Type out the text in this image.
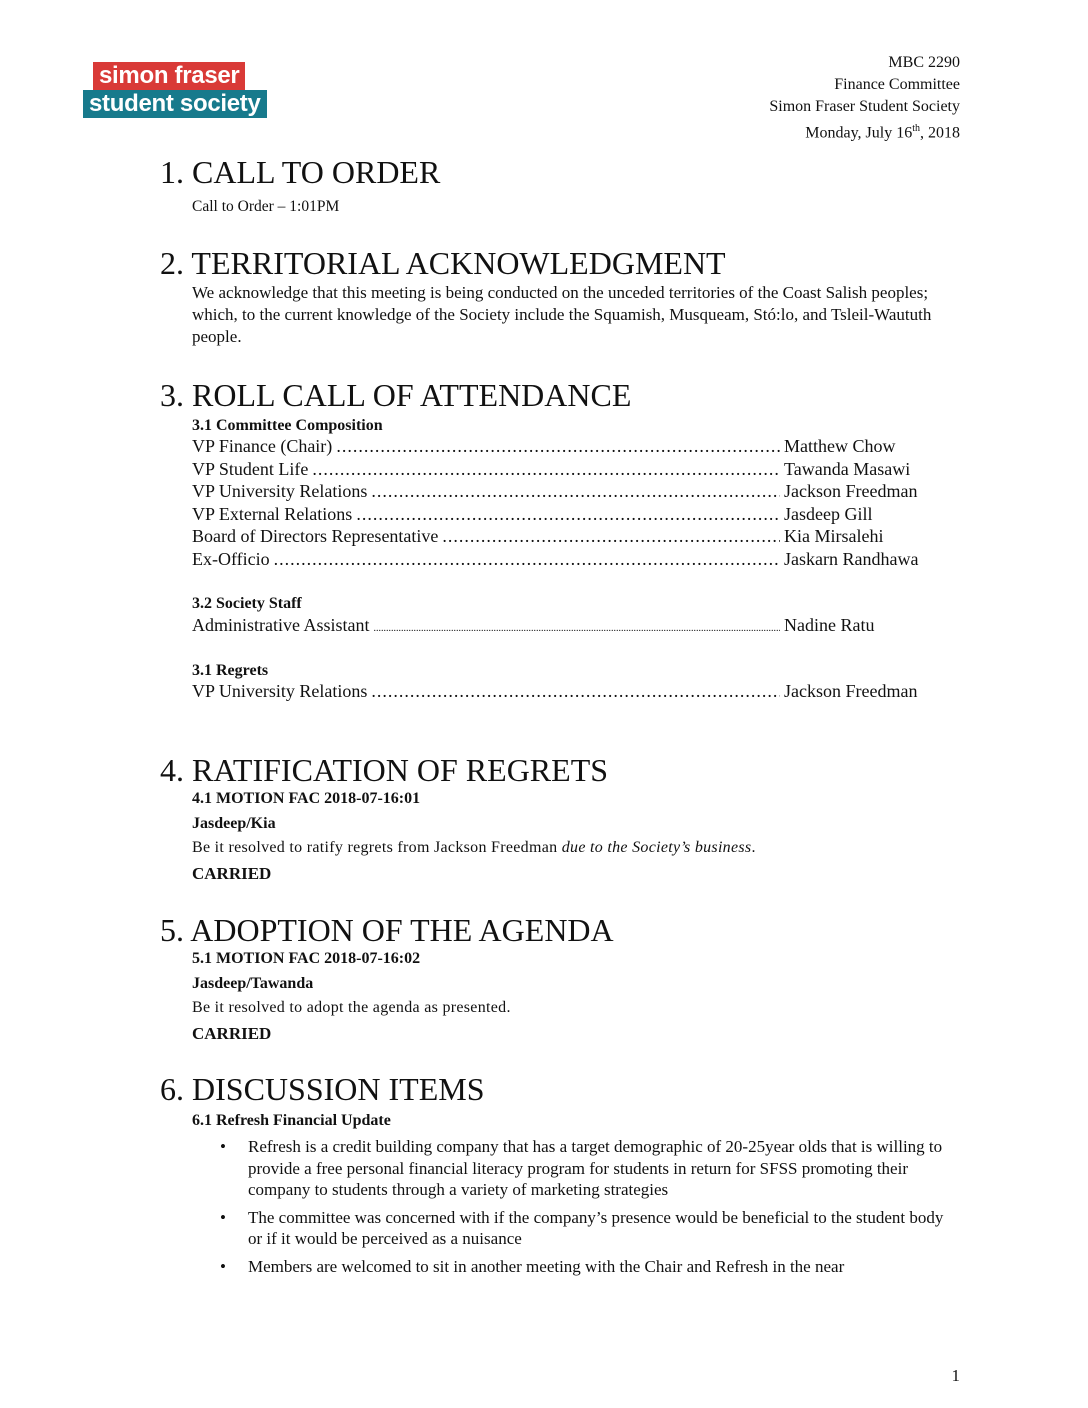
simon fraser
student society
MBC 2290
Finance Committee
Simon Fraser Student Society
Monday, July 16th, 2018
1. CALL TO ORDER
Call to Order – 1:01PM
2. TERRITORIAL ACKNOWLEDGMENT
We acknowledge that this meeting is being conducted on the unceded territories of the Coast Salish peoples; which, to the current knowledge of the Society include the Squamish, Musqueam, Stó:lo, and Tsleil-Waututh people.
3. ROLL CALL OF ATTENDANCE
3.1 Committee Composition
VP Finance (Chair) .....	Matthew Chow
VP Student Life .....	Tawanda Masawi
VP University Relations .....	Jackson Freedman
VP External Relations .....	Jasdeep Gill
Board of Directors Representative .....	Kia Mirsalehi
Ex-Officio .....	Jaskarn Randhawa
3.2 Society Staff
Administrative Assistant .....	Nadine Ratu
3.1 Regrets
VP University Relations .....	Jackson Freedman
4. RATIFICATION OF REGRETS
4.1 MOTION FAC 2018-07-16:01
Jasdeep/Kia
Be it resolved to ratify regrets from Jackson Freedman due to the Society’s business.
CARRIED
5. ADOPTION OF THE AGENDA
5.1 MOTION FAC 2018-07-16:02
Jasdeep/Tawanda
Be it resolved to adopt the agenda as presented.
CARRIED
6. DISCUSSION ITEMS
6.1 Refresh Financial Update
• Refresh is a credit building company that has a target demographic of 20-25year olds that is willing to provide a free personal financial literacy program for students in return for SFSS promoting their company to students through a variety of marketing strategies
• The committee was concerned with if the company’s presence would be beneficial to the student body or if it would be perceived as a nuisance
• Members are welcomed to sit in another meeting with the Chair and Refresh in the near
1
